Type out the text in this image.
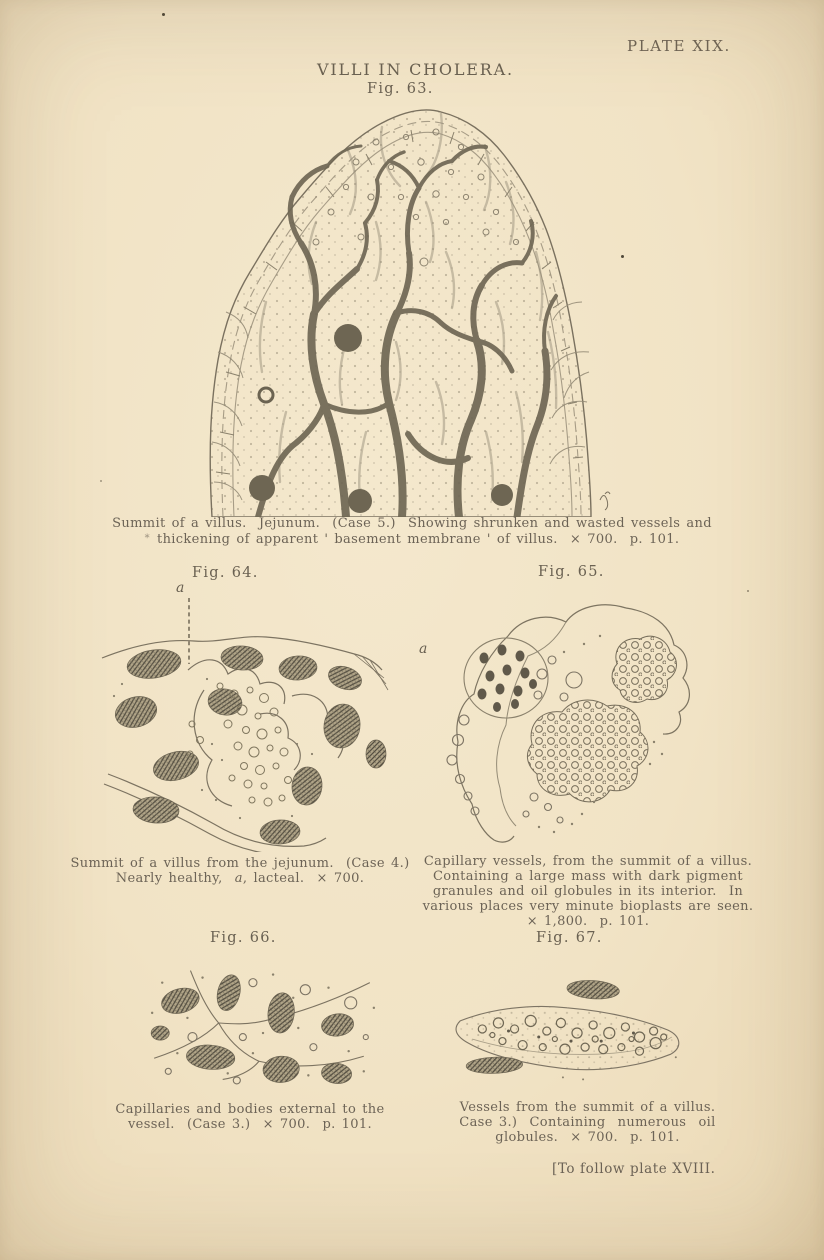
PLATE XIX.
VILLI IN CHOLERA.
Fig. 63.
Summit of a villus.  Jejunum.  (Case 5.)  Showing shrunken and wasted vessels and
* thickening of apparent ' basement membrane ' of villus.  × 700.  p. 101.
Fig. 64.
a
Fig. 65.
a
Summit of a villus from the jejunum.  (Case 4.)
Nearly healthy,  a, lacteal.  × 700.
Capillary vessels, from the summit of a villus.
Containing a large mass with dark pigment
granules and oil globules in its interior.  In
various places very minute bioplasts are seen.
× 1,800.  p. 101.
Fig. 66.	Fig. 67.
Capillaries and bodies external to the
vessel.  (Case 3.)  × 700.  p. 101.
Vessels from the summit of a villus.
Case 3.)  Containing  numerous  oil
globules.  × 700.  p. 101.
[To follow plate XVIII.
